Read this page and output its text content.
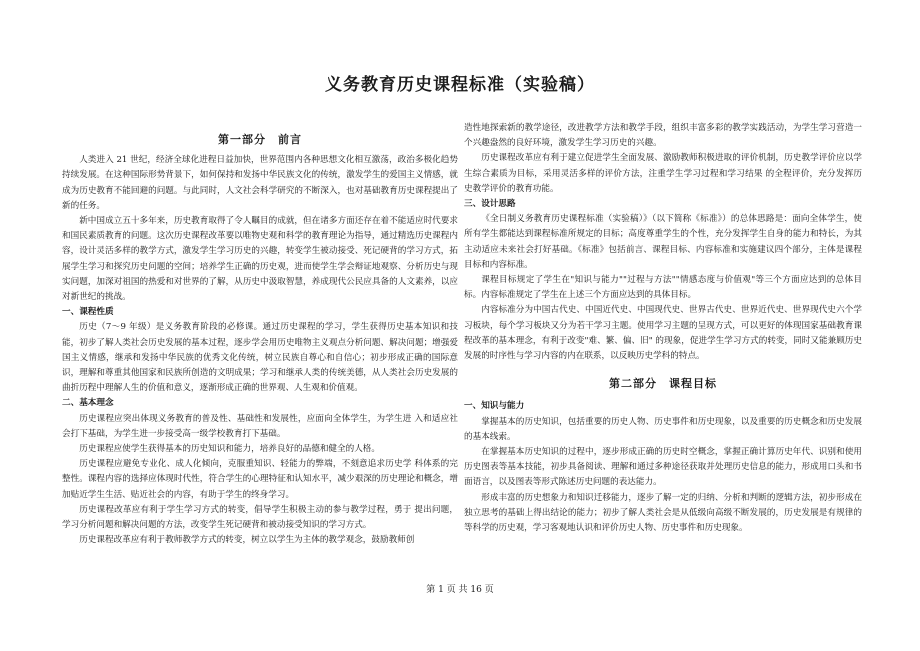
义务教育历史课程标准（实验稿）
第一部分　前言

人类进入 21 世纪，经济全球化进程日益加快，世界范围内各种思想文化相互激荡，政治多极化趋势持续发展。在这种国际形势背景下，如何保持和发扬中华民族文化的传统，激发学生的爱国主义情感，就成为历史教育不能回避的问题。与此同时，人文社会科学研究的不断深入，也对基础教育历史课程提出了新的任务。

新中国成立五十多年来，历史教育取得了令人瞩目的成就，但在诸多方面还存在着不能适应时代要求和国民素质教育的问题。这次历史课程改革要以唯物史观和科学的教育理论为指导，通过精选历史课程内容，设计灵活多样的教学方式，激发学生学习历史的兴趣，转变学生被动接受、死记硬背的学习方式，拓展学生学习和探究历史问题的空间；培养学生正确的历史观，进而使学生学会辩证地观察、分析历史与现实问题，加深对祖国的热爱和对世界的了解，从历史中汲取智慧，养成现代公民应具备的人文素养，以应对新世纪的挑战。

一、课程性质

历史（7～9 年级）是义务教育阶段的必修课。通过历史课程的学习，学生获得历史基本知识和技能，初步了解人类社会历史发展的基本过程，逐步学会用历史唯物主义观点分析问题、解决问题；增强爱国主义情感，继承和发扬中华民族的优秀文化传统，树立民族自尊心和自信心；初步形成正确的国际意识，理解和尊重其他国家和民族所创造的文明成果；学习和继承人类的传统美德，从人类社会历史发展的曲折历程中理解人生的价值和意义，逐渐形成正确的世界观、人生观和价值观。

二、基本理念

历史课程应突出体现义务教育的普及性、基础性和发展性，应面向全体学生，为学生进 入和适应社会打下基础，为学生进一步接受高一级学校教育打下基础。

历史课程应使学生获得基本的历史知识和能力，培养良好的品德和健全的人格。

历史课程应避免专业化、成人化倾向，克服重知识、轻能力的弊端，不刻意追求历史学 科体系的完整性。课程内容的选择应体现时代性，符合学生的心理特征和认知水平，减少艰深的历史理论和概念，增加贴近学生生活、贴近社会的内容，有助于学生的终身学习。

历史课程改革应有利于学生学习方式的转变，倡导学生积极主动的参与教学过程，勇于 提出问题，学习分析问题和解决问题的方法，改变学生死记硬背和被动接受知识的学习方式。

历史课程改革应有利于教师教学方式的转变，树立以学生为主体的教学观念，鼓励教师创

造性地探索新的教学途径，改进教学方法和教学手段，组织丰富多彩的教学实践活动，为学生学习营造一个兴趣盎然的良好环境，激发学生学习历史的兴趣。

历史课程改革应有利于建立促进学生全面发展、激励教师积极进取的评价机制，历史教学评价应以学生综合素质为目标，采用灵活多样的评价方法，注重学生学习过程和学习结果 的全程评价，充分发挥历史教学评价的教育功能。

三、设计思路

《全日制义务教育历史课程标准（实验稿）》（以下简称《标准》）的总体思路是：面向全体学生，使所有学生都能达到课程标准所规定的目标；高度尊重学生的个性，充分发挥学生自身的能力和特长，为其主动适应未来社会打好基础。《标准》包括前言、课程目标、内容标准和实施建议四个部分，主体是课程目标和内容标准。

课程目标规定了学生在"知识与能力""过程与方法""情感态度与价值观"等三个方面应达到的总体目标。内容标准规定了学生在上述三个方面应达到的具体目标。

内容标准分为中国古代史、中国近代史、中国现代史、世界古代史、世界近代史、世界现代史六个学习板块，每个学习板块又分为若干学习主题。使用学习主题的呈现方式，可以更好的体现国家基础教育课程改革的基本理念，有利于改变"难、繁、偏、旧" 的现象，促进学生学习方式的转变，同时又能兼顾历史发展的时序性与学习内容的内在联系，以反映历史学科的特点。

第二部分　课程目标
一、知识与能力

掌握基本的历史知识，包括重要的历史人物、历史事件和历史现象，以及重要的历史概念和历史发展的基本线索。

在掌握基本历史知识的过程中，逐步形成正确的历史时空概念，掌握正确计算历史年代、识别和使用历史图表等基本技能，初步具备阅读、理解和通过多种途径获取并处理历史信息的能力，形成用口头和书面语言，以及图表等形式陈述历史问题的表达能力。

形成丰富的历史想象力和知识迁移能力，逐步了解一定的归纳、分析和判断的逻辑方法，初步形成在独立思考的基础上得出结论的能力；初步了解人类社会是从低级向高级不断发展的，历史发展是有规律的等科学的历史观，学习客观地认识和评价历史人物、历史事件和历史现象。

第 1 页 共 16 页
